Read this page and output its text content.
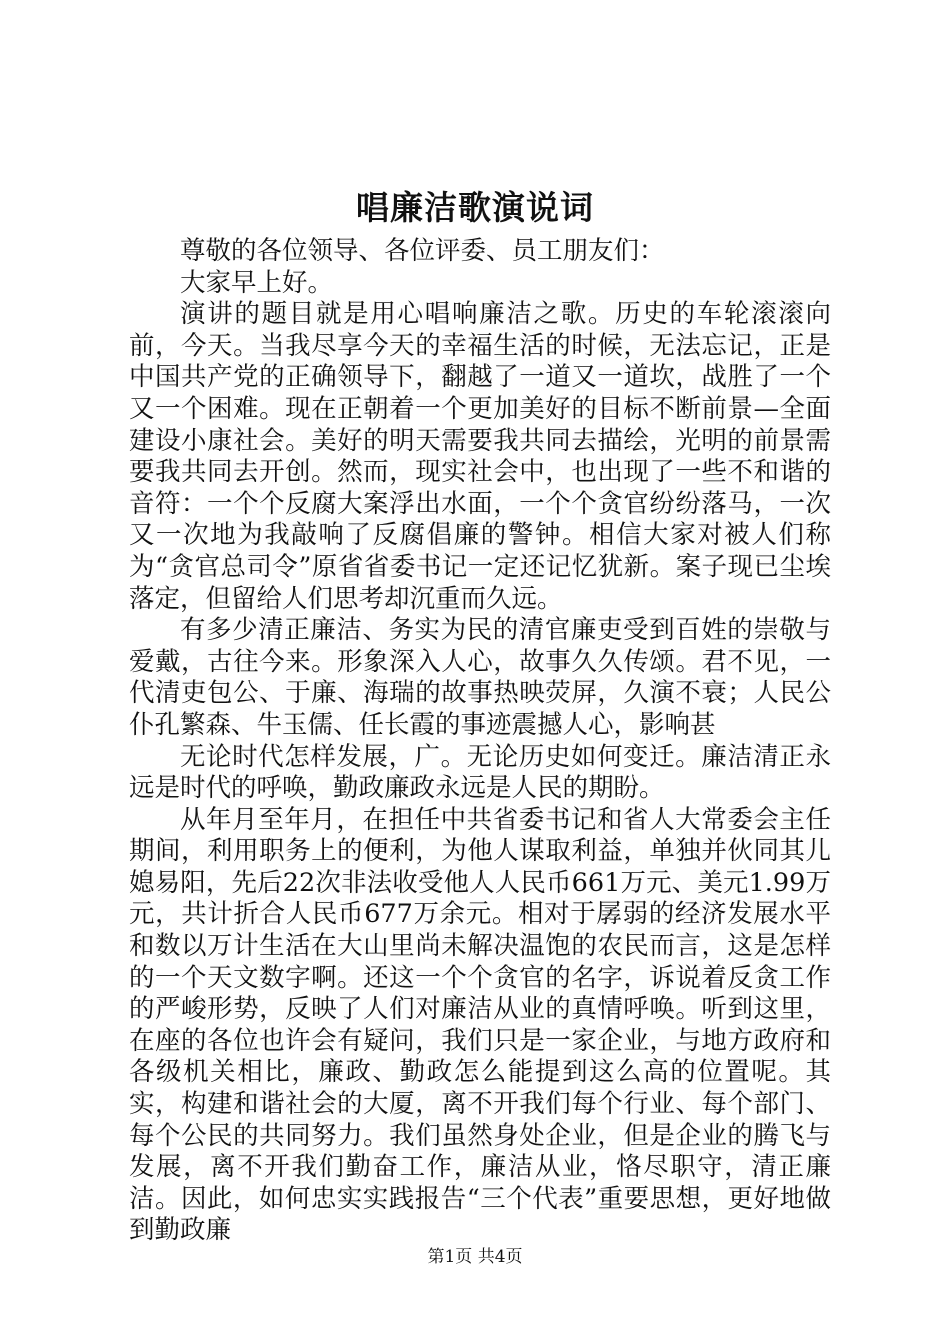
唱廉洁歌演说词

尊敬的各位领导、各位评委、员工朋友们：

大家早上好。

演讲的题目就是用心唱响廉洁之歌。历史的车轮滚滚向前，今天。当我尽享今天的幸福生活的时候，无法忘记，正是中国共产党的正确领导下，翻越了一道又一道坎，战胜了一个又一个困难。现在正朝着一个更加美好的目标不断前景—全面建设小康社会。美好的明天需要我共同去描绘，光明的前景需要我共同去开创。然而，现实社会中，也出现了一些不和谐的音符：一个个反腐大案浮出水面，一个个贪官纷纷落马，一次又一次地为我敲响了反腐倡廉的警钟。相信大家对被人们称为“贪官总司令”原省省委书记一定还记忆犹新。案子现已尘埃落定，但留给人们思考却沉重而久远。

有多少清正廉洁、务实为民的清官廉吏受到百姓的崇敬与爱戴，古往今来。形象深入人心，故事久久传颂。君不见，一代清吏包公、于廉、海瑞的故事热映荧屏，久演不衰；人民公仆孔繁森、牛玉儒、任长霞的事迹震撼人心，影响甚

无论时代怎样发展，广。无论历史如何变迁。廉洁清正永远是时代的呼唤，勤政廉政永远是人民的期盼。

从年月至年月，在担任中共省委书记和省人大常委会主任期间，利用职务上的便利，为他人谋取利益，单独并伙同其儿媳易阳，先后22次非法收受他人人民币661万元、美元1.99万元，共计折合人民币677万余元。相对于孱弱的经济发展水平和数以万计生活在大山里尚未解决温饱的农民而言，这是怎样的一个天文数字啊。还这一个个贪官的名字，诉说着反贪工作的严峻形势，反映了人们对廉洁从业的真情呼唤。听到这里，在座的各位也许会有疑问，我们只是一家企业，与地方政府和各级机关相比，廉政、勤政怎么能提到这么高的位置呢。其实，构建和谐社会的大厦，离不开我们每个行业、每个部门、每个公民的共同努力。我们虽然身处企业，但是企业的腾飞与发展，离不开我们勤奋工作，廉洁从业，恪尽职守，清正廉洁。因此，如何忠实实践报告“三个代表”重要思想，更好地做到勤政廉

第1页 共4页
